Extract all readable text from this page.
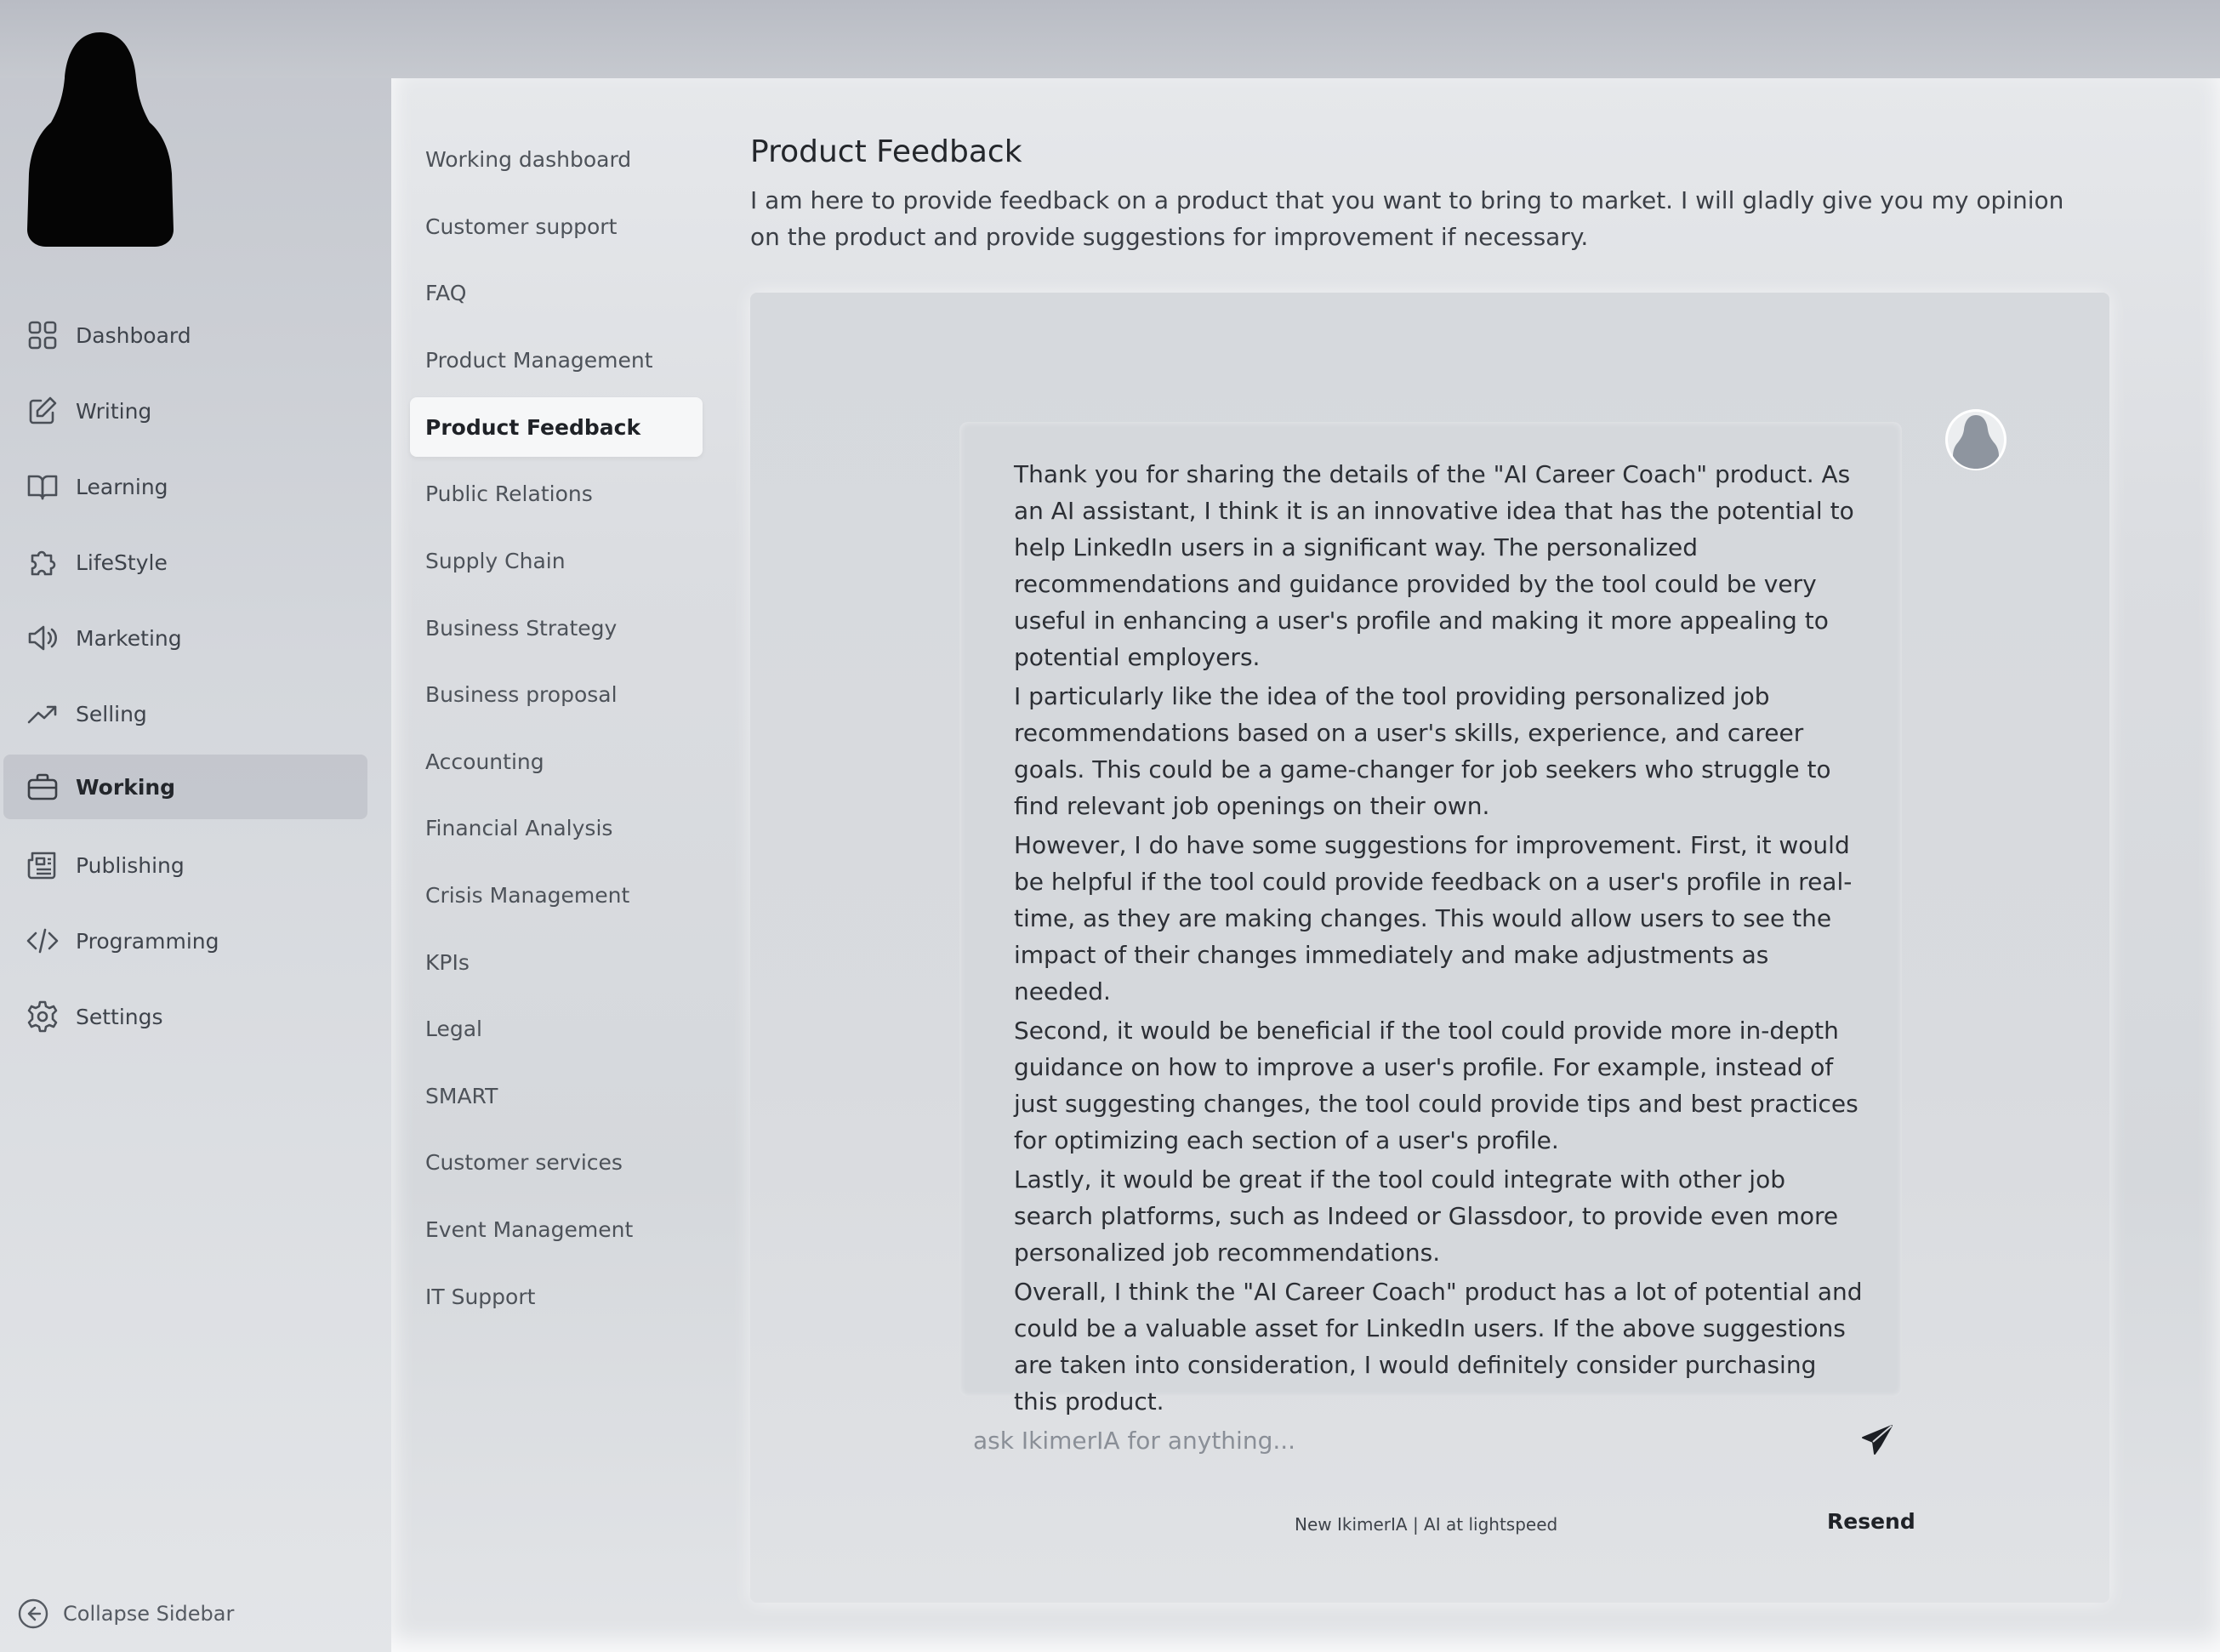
Dashboard
Writing
Learning
LifeStyle
Marketing
Selling
Working
Publishing
Programming
Settings
Collapse Sidebar
Working dashboard
Customer support
FAQ
Product Management
Product Feedback
Public Relations
Supply Chain
Business Strategy
Business proposal
Accounting
Financial Analysis
Crisis Management
KPIs
Legal
SMART
Customer services
Event Management
IT Support
Product Feedback
I am here to provide feedback on a product that you want to bring to market. I will gladly give you my opinion on the product and provide suggestions for improvement if necessary.

Thank you for sharing the details of the "AI Career Coach" product. As an AI assistant, I think it is an innovative idea that has the potential to help LinkedIn users in a significant way. The personalized recommendations and guidance provided by the tool could be very useful in enhancing a user's profile and making it more appealing to potential employers.

I particularly like the idea of the tool providing personalized job recommendations based on a user's skills, experience, and career goals. This could be a game-changer for job seekers who struggle to find relevant job openings on their own.

However, I do have some suggestions for improvement. First, it would be helpful if the tool could provide feedback on a user's profile in real-time, as they are making changes. This would allow users to see the impact of their changes immediately and make adjustments as needed.

Second, it would be beneficial if the tool could provide more in-depth guidance on how to improve a user's profile. For example, instead of just suggesting changes, the tool could provide tips and best practices for optimizing each section of a user's profile.

Lastly, it would be great if the tool could integrate with other job search platforms, such as Indeed or Glassdoor, to provide even more personalized job recommendations.

Overall, I think the "AI Career Coach" product has a lot of potential and could be a valuable asset for LinkedIn users. If the above suggestions are taken into consideration, I would definitely consider purchasing this product.

ask IkimerIA for anything...
New IkimerIA | AI at lightspeed	Resend
